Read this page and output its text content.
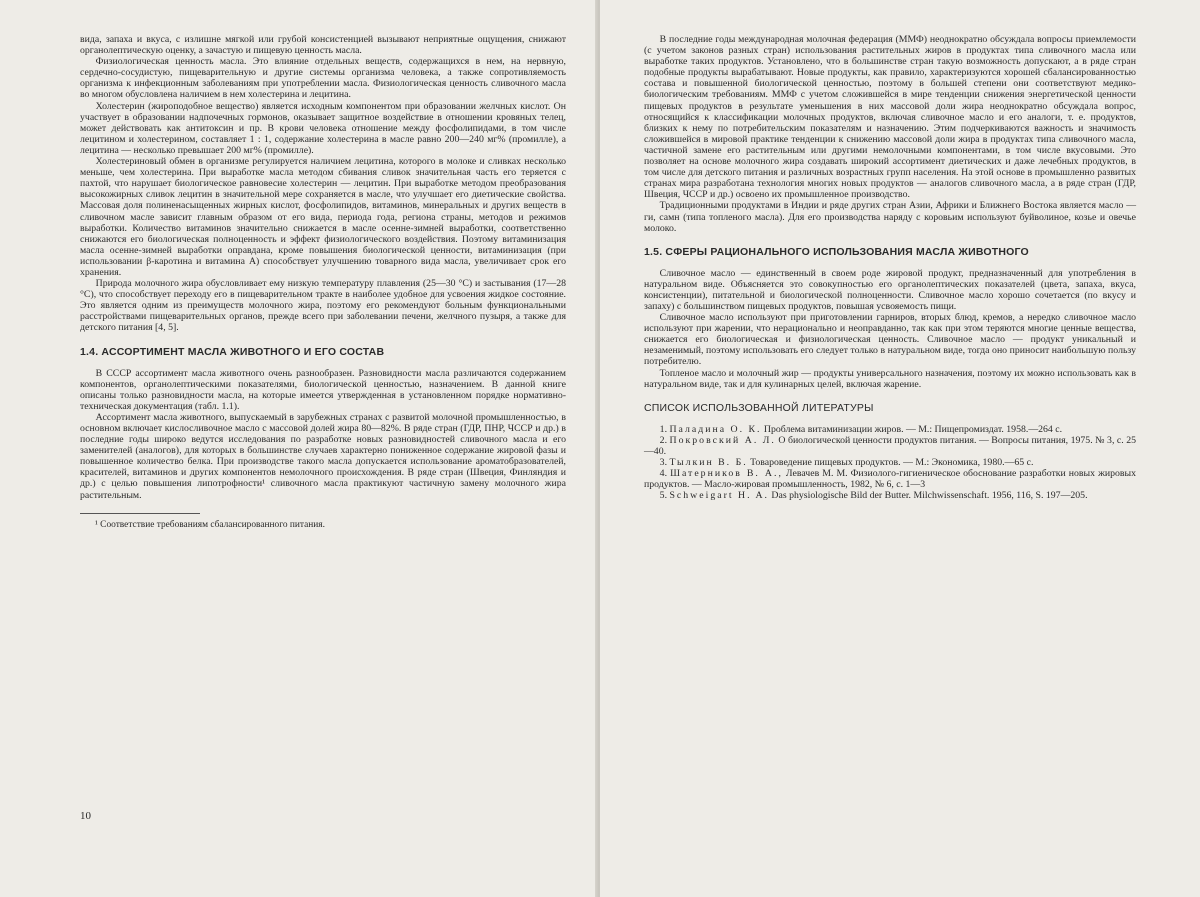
вида, запаха и вкуса, с излишне мягкой или грубой консистенцией вызывают неприятные ощущения, снижают органолептическую оценку, а зачастую и пищевую ценность масла.

Физиологическая ценность масла. Это влияние отдельных веществ, содержащихся в нем, на нервную, сердечно-сосудистую, пищеварительную и другие системы организма человека, а также сопротивляемость организма к инфекционным заболеваниям при употреблении масла. Физиологическая ценность сливочного масла во многом обусловлена наличием в нем холестерина и лецитина.

Холестерин (жироподобное вещество) является исходным компонентом при образовании желчных кислот. Он участвует в образовании надпочечных гормонов, оказывает защитное воздействие в отношении кровяных телец, может действовать как антитоксин и пр. В крови человека отношение между фосфолипидами, в том числе лецитином и холестерином, составляет 1 : 1, содержание холестерина в масле равно 200—240 мг% (промилле), а лецитина — несколько превышает 200 мг% (промилле).

Холестериновый обмен в организме регулируется наличием лецитина, которого в молоке и сливках несколько меньше, чем холестерина. При выработке масла методом сбивания сливок значительная часть его теряется с пахтой, что нарушает биологическое равновесие холестерин — лецитин. При выработке методом преобразования высокожирных сливок лецитин в значительной мере сохраняется в масле, что улучшает его диетические свойства. Массовая доля полиненасыщенных жирных кислот, фосфолипидов, витаминов, минеральных и других веществ в сливочном масле зависит главным образом от его вида, периода года, региона страны, методов и режимов выработки. Количество витаминов значительно снижается в масле осенне-зимней выработки, соответственно снижаются его биологическая полноценность и эффект физиологического воздействия. Поэтому витаминизация масла осенне-зимней выработки оправдана, кроме повышения биологической ценности, витаминизация (при использовании β-каротина и витамина А) способствует улучшению товарного вида масла, увеличивает срок его хранения.

Природа молочного жира обусловливает ему низкую температуру плавления (25—30 °С) и застывания (17—28 °С), что способствует переходу его в пищеварительном тракте в наиболее удобное для усвоения жидкое состояние. Это является одним из преимуществ молочного жира, поэтому его рекомендуют больным функциональными расстройствами пищеварительных органов, прежде всего при заболевании печени, желчного пузыря, а также для детского питания [4, 5].

1.4. АССОРТИМЕНТ МАСЛА ЖИВОТНОГО И ЕГО СОСТАВ

В СССР ассортимент масла животного очень разнообразен. Разновидности масла различаются содержанием компонентов, органолептическими показателями, биологической ценностью, назначением. В данной книге описаны только разновидности масла, на которые имеется утвержденная в установленном порядке нормативно-техническая документация (табл. 1.1).

Ассортимент масла животного, выпускаемый в зарубежных странах с развитой молочной промышленностью, в основном включает кислосливочное масло с массовой долей жира 80—82%. В ряде стран (ГДР, ПНР, ЧССР и др.) в последние годы широко ведутся исследования по разработке новых разновидностей сливочного масла и его заменителей (аналогов), для которых в большинстве случаев характерно пониженное содержание жировой фазы и повышенное количество белка. При производстве такого масла допускается использование ароматобразователей, красителей, витаминов и других компонентов немолочного происхождения. В ряде стран (Швеция, Финляндия и др.) с целью повышения липотрофности¹ сливочного масла практикуют частичную замену молочного жира растительным.

¹ Соответствие требованиям сбалансированного питания.

10

В последние годы международная молочная федерация (ММФ) неоднократно обсуждала вопросы приемлемости (с учетом законов разных стран) использования растительных жиров в продуктах типа сливочного масла или выработке таких продуктов. Установлено, что в большинстве стран такую возможность допускают, а в ряде стран подобные продукты вырабатывают. Новые продукты, как правило, характеризуются хорошей сбалансированностью состава и повышенной биологической ценностью, поэтому в большей степени они соответствуют медико-биологическим требованиям. ММФ с учетом сложившейся в мире тенденции снижения энергетической ценности пищевых продуктов в результате уменьшения в них массовой доли жира неоднократно обсуждала вопрос, относящийся к классификации молочных продуктов, включая сливочное масло и его аналоги, т. е. продуктов, близких к нему по потребительским показателям и назначению. Этим подчеркиваются важность и значимость сложившейся в мировой практике тенденции к снижению массовой доли жира в продуктах типа сливочного масла, частичной замене его растительным или другими немолочными компонентами, в том числе вкусовыми. Это позволяет на основе молочного жира создавать широкий ассортимент диетических и даже лечебных продуктов, в том числе для детского питания и различных возрастных групп населения. На этой основе в промышленно развитых странах мира разработана технология многих новых продуктов — аналогов сливочного масла, а в ряде стран (ГДР, Швеция, ЧССР и др.) освоено их промышленное производство.

Традиционными продуктами в Индии и ряде других стран Азии, Африки и Ближнего Востока является масло — ги, самн (типа топленого масла). Для его производства наряду с коровьим используют буйволиное, козье и овечье молоко.

1.5. СФЕРЫ РАЦИОНАЛЬНОГО ИСПОЛЬЗОВАНИЯ МАСЛА ЖИВОТНОГО

Сливочное масло — единственный в своем роде жировой продукт, предназначенный для употребления в натуральном виде. Объясняется это совокупностью его органолептических показателей (цвета, запаха, вкуса, консистенции), питательной и биологической полноценности. Сливочное масло хорошо сочетается (по вкусу и запаху) с большинством пищевых продуктов, повышая усвояемость пищи.

Сливочное масло используют при приготовлении гарниров, вторых блюд, кремов, а нередко сливочное масло используют при жарении, что нерационально и неоправданно, так как при этом теряются многие ценные вещества, снижается его биологическая и физиологическая ценность. Сливочное масло — продукт уникальный и незаменимый, поэтому использовать его следует только в натуральном виде, тогда оно приносит наибольшую пользу потребителю.

Топленое масло и молочный жир — продукты универсального назначения, поэтому их можно использовать как в натуральном виде, так и для кулинарных целей, включая жарение.

СПИСОК ИСПОЛЬЗОВАННОЙ ЛИТЕРАТУРЫ

1. Паладина О. К. Проблема витаминизации жиров. — М.: Пищепромиздат. 1958.—264 с.

2. Покровский А. Л. О биологической ценности продуктов питания. — Вопросы питания, 1975. № 3, с. 25—40.

3. Тылкин В. Б. Товароведение пищевых продуктов. — М.: Экономика, 1980.—65 с.

4. Шатерников В. А., Левачев М. М. Физиолого-гигиеническое обоснование разработки новых жировых продуктов. — Масло-жировая промышленность, 1982, № 6, с. 1—3

5. Schweigart H. A. Das physiologische Bild der Butter. Milchwissenschaft. 1956, 116, S. 197—205.
